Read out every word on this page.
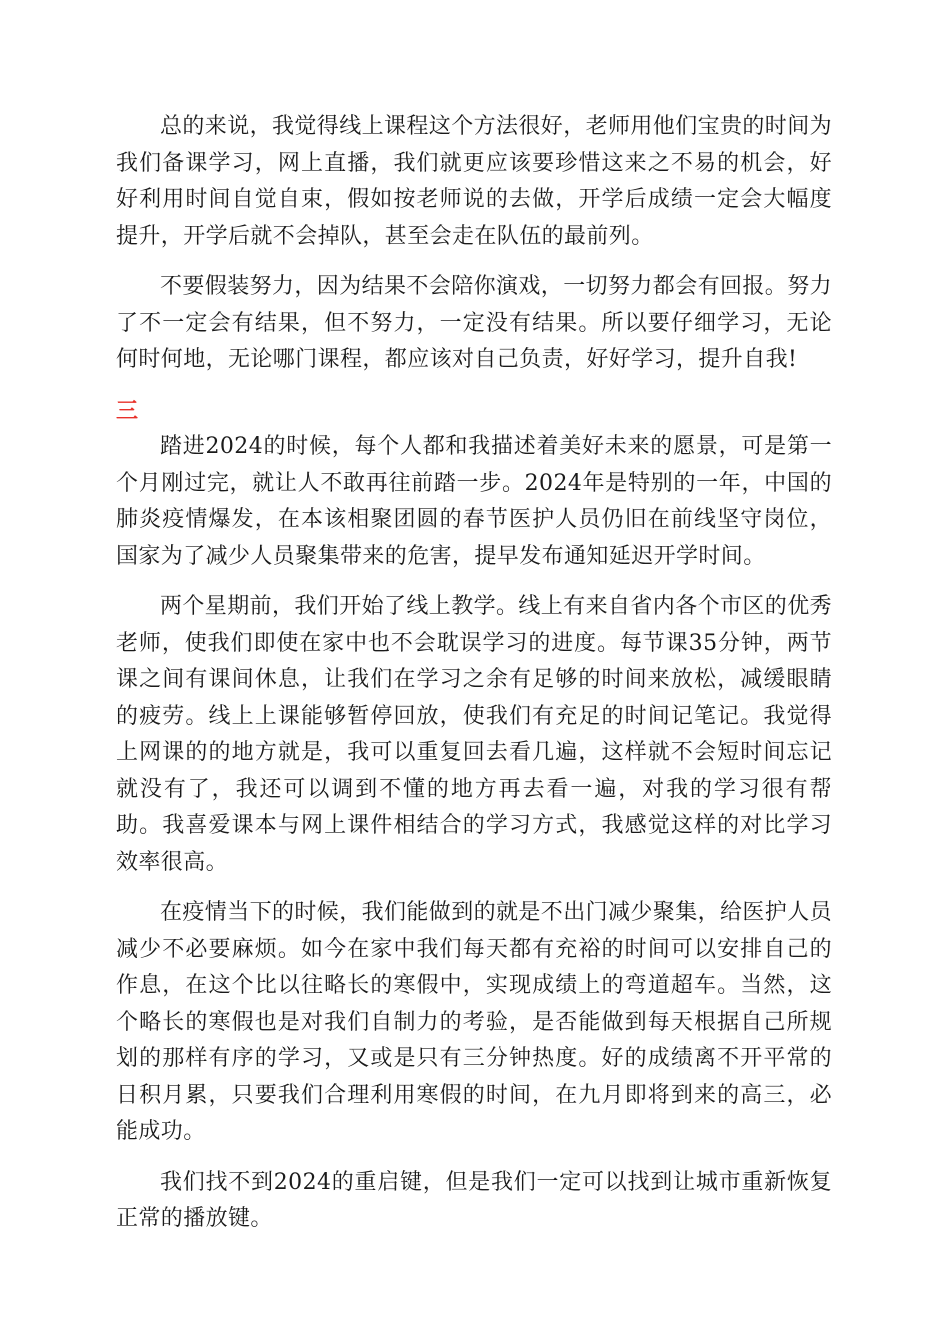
总的来说，我觉得线上课程这个方法很好，老师用他们宝贵的时间为我们备课学习，网上直播，我们就更应该要珍惜这来之不易的机会，好好利用时间自觉自束，假如按老师说的去做，开学后成绩一定会大幅度提升，开学后就不会掉队，甚至会走在队伍的最前列。

不要假装努力，因为结果不会陪你演戏，一切努力都会有回报。努力了不一定会有结果，但不努力，一定没有结果。所以要仔细学习，无论何时何地，无论哪门课程，都应该对自己负责，好好学习，提升自我!

三

踏进2024的时候，每个人都和我描述着美好未来的愿景，可是第一个月刚过完，就让人不敢再往前踏一步。2024年是特别的一年，中国的肺炎疫情爆发，在本该相聚团圆的春节医护人员仍旧在前线坚守岗位，国家为了减少人员聚集带来的危害，提早发布通知延迟开学时间。

两个星期前，我们开始了线上教学。线上有来自省内各个市区的优秀老师，使我们即使在家中也不会耽误学习的进度。每节课35分钟，两节课之间有课间休息，让我们在学习之余有足够的时间来放松，减缓眼睛的疲劳。线上上课能够暂停回放，使我们有充足的时间记笔记。我觉得上网课的的地方就是，我可以重复回去看几遍，这样就不会短时间忘记就没有了，我还可以调到不懂的地方再去看一遍，对我的学习很有帮助。我喜爱课本与网上课件相结合的学习方式，我感觉这样的对比学习效率很高。

在疫情当下的时候，我们能做到的就是不出门减少聚集，给医护人员减少不必要麻烦。如今在家中我们每天都有充裕的时间可以安排自己的作息，在这个比以往略长的寒假中，实现成绩上的弯道超车。当然，这个略长的寒假也是对我们自制力的考验，是否能做到每天根据自己所规划的那样有序的学习，又或是只有三分钟热度。好的成绩离不开平常的日积月累，只要我们合理利用寒假的时间，在九月即将到来的高三，必能成功。

我们找不到2024的重启键，但是我们一定可以找到让城市重新恢复正常的播放键。
